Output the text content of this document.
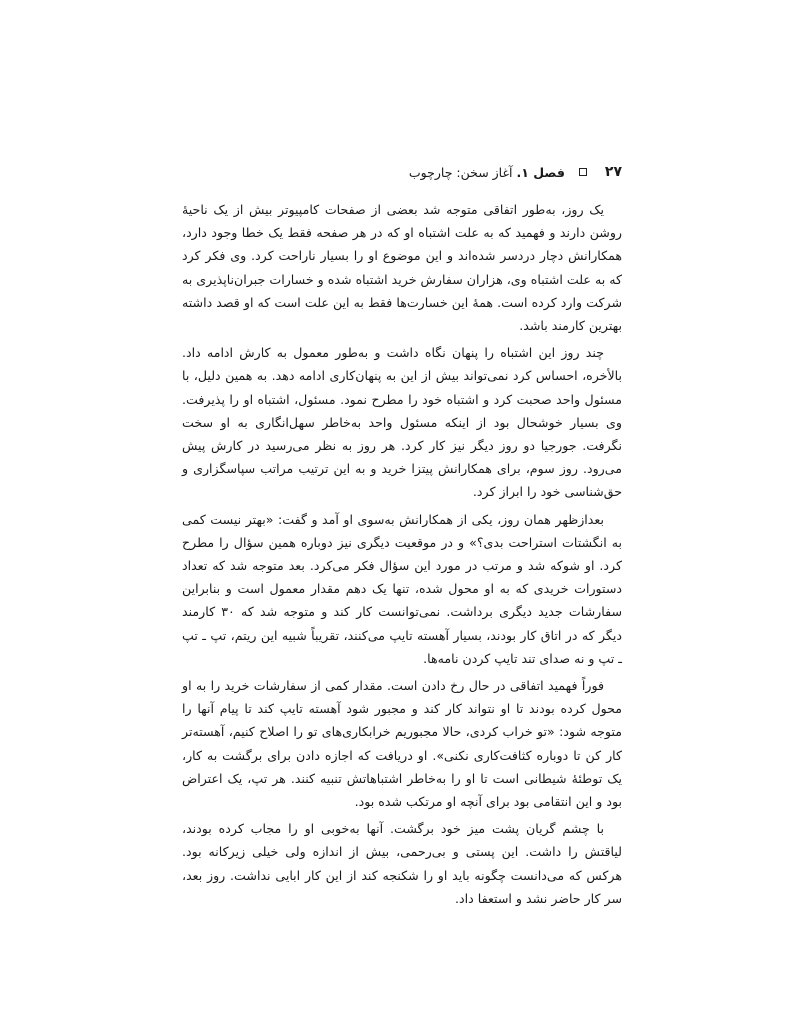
۲۷
فصل ۱. آغاز سخن: چارچوب

یک روز، به‌طور اتفاقی متوجه شد بعضی از صفحات کامپیوتر بیش از یک ناحیهٔ روشن دارند و فهمید که به علت اشتباه او که در هر صفحه فقط یک خطا وجود دارد، همکارانش دچار دردسر شده‌اند و این موضوع او را بسیار ناراحت کرد. وی فکر کرد که به علت اشتباه وی، هزاران سفارش خرید اشتباه شده و خسارات جبران‌ناپذیری به شرکت وارد کرده است. همهٔ این خسارت‌ها فقط به این علت است که او قصد داشته بهترین کارمند باشد.

چند روز این اشتباه را پنهان نگاه داشت و به‌طور معمول به کارش ادامه داد. بالأخره، احساس کرد نمی‌تواند بیش از این به پنهان‌کاری ادامه دهد. به همین دلیل، با مسئول واحد صحبت کرد و اشتباه خود را مطرح نمود. مسئول، اشتباه او را پذیرفت. وی بسیار خوشحال بود از اینکه مسئول واحد به‌خاطر سهل‌انگاری به او سخت نگرفت. جورجیا دو روز دیگر نیز کار کرد. هر روز به نظر می‌رسید در کارش پیش می‌رود. روز سوم، برای همکارانش پیتزا خرید و به این ترتیب مراتب سپاسگزاری و حق‌شناسی خود را ابراز کرد.

بعدازظهر همان روز، یکی از همکارانش به‌سوی او آمد و گفت: «بهتر نیست کمی به انگشتات استراحت بدی؟» و در موقعیت دیگری نیز دوباره همین سؤال را مطرح کرد. او شوکه شد و مرتب در مورد این سؤال فکر می‌کرد. بعد متوجه شد که تعداد دستورات خریدی که به او محول شده، تنها یک دهم مقدار معمول است و بنابراین سفارشات جدید دیگری برداشت. نمی‌توانست کار کند و متوجه شد که ۳۰ کارمند دیگر که در اتاق کار بودند، بسیار آهسته تایپ می‌کنند، تقریباً شبیه این ریتم، تپ ـ تپ ـ تپ و نه صدای تند تایپ کردن نامه‌ها.

فوراً فهمید اتفاقی در حال رخ دادن است. مقدار کمی از سفارشات خرید را به او محول کرده بودند تا او نتواند کار کند و مجبور شود آهسته تایپ کند تا پیام آنها را متوجه شود: «تو خراب کردی، حالا مجبوریم خرابکاری‌های تو را اصلاح کنیم، آهسته‌تر کار کن تا دوباره کثافت‌کاری نکنی». او دریافت که اجازه دادن برای برگشت به کار، یک توطئهٔ شیطانی است تا او را به‌خاطر اشتباهاتش تنبیه کنند. هر تپ، یک اعتراض بود و این انتقامی بود برای آنچه او مرتکب شده بود.

با چشم گریان پشت میز خود برگشت. آنها به‌خوبی او را مجاب کرده بودند، لیاقتش را داشت. این پستی و بی‌رحمی، بیش از اندازه ولی خیلی زیرکانه بود. هرکس که می‌دانست چگونه باید او را شکنجه کند از این کار ابایی نداشت. روز بعد، سر کار حاضر نشد و استعفا داد.
